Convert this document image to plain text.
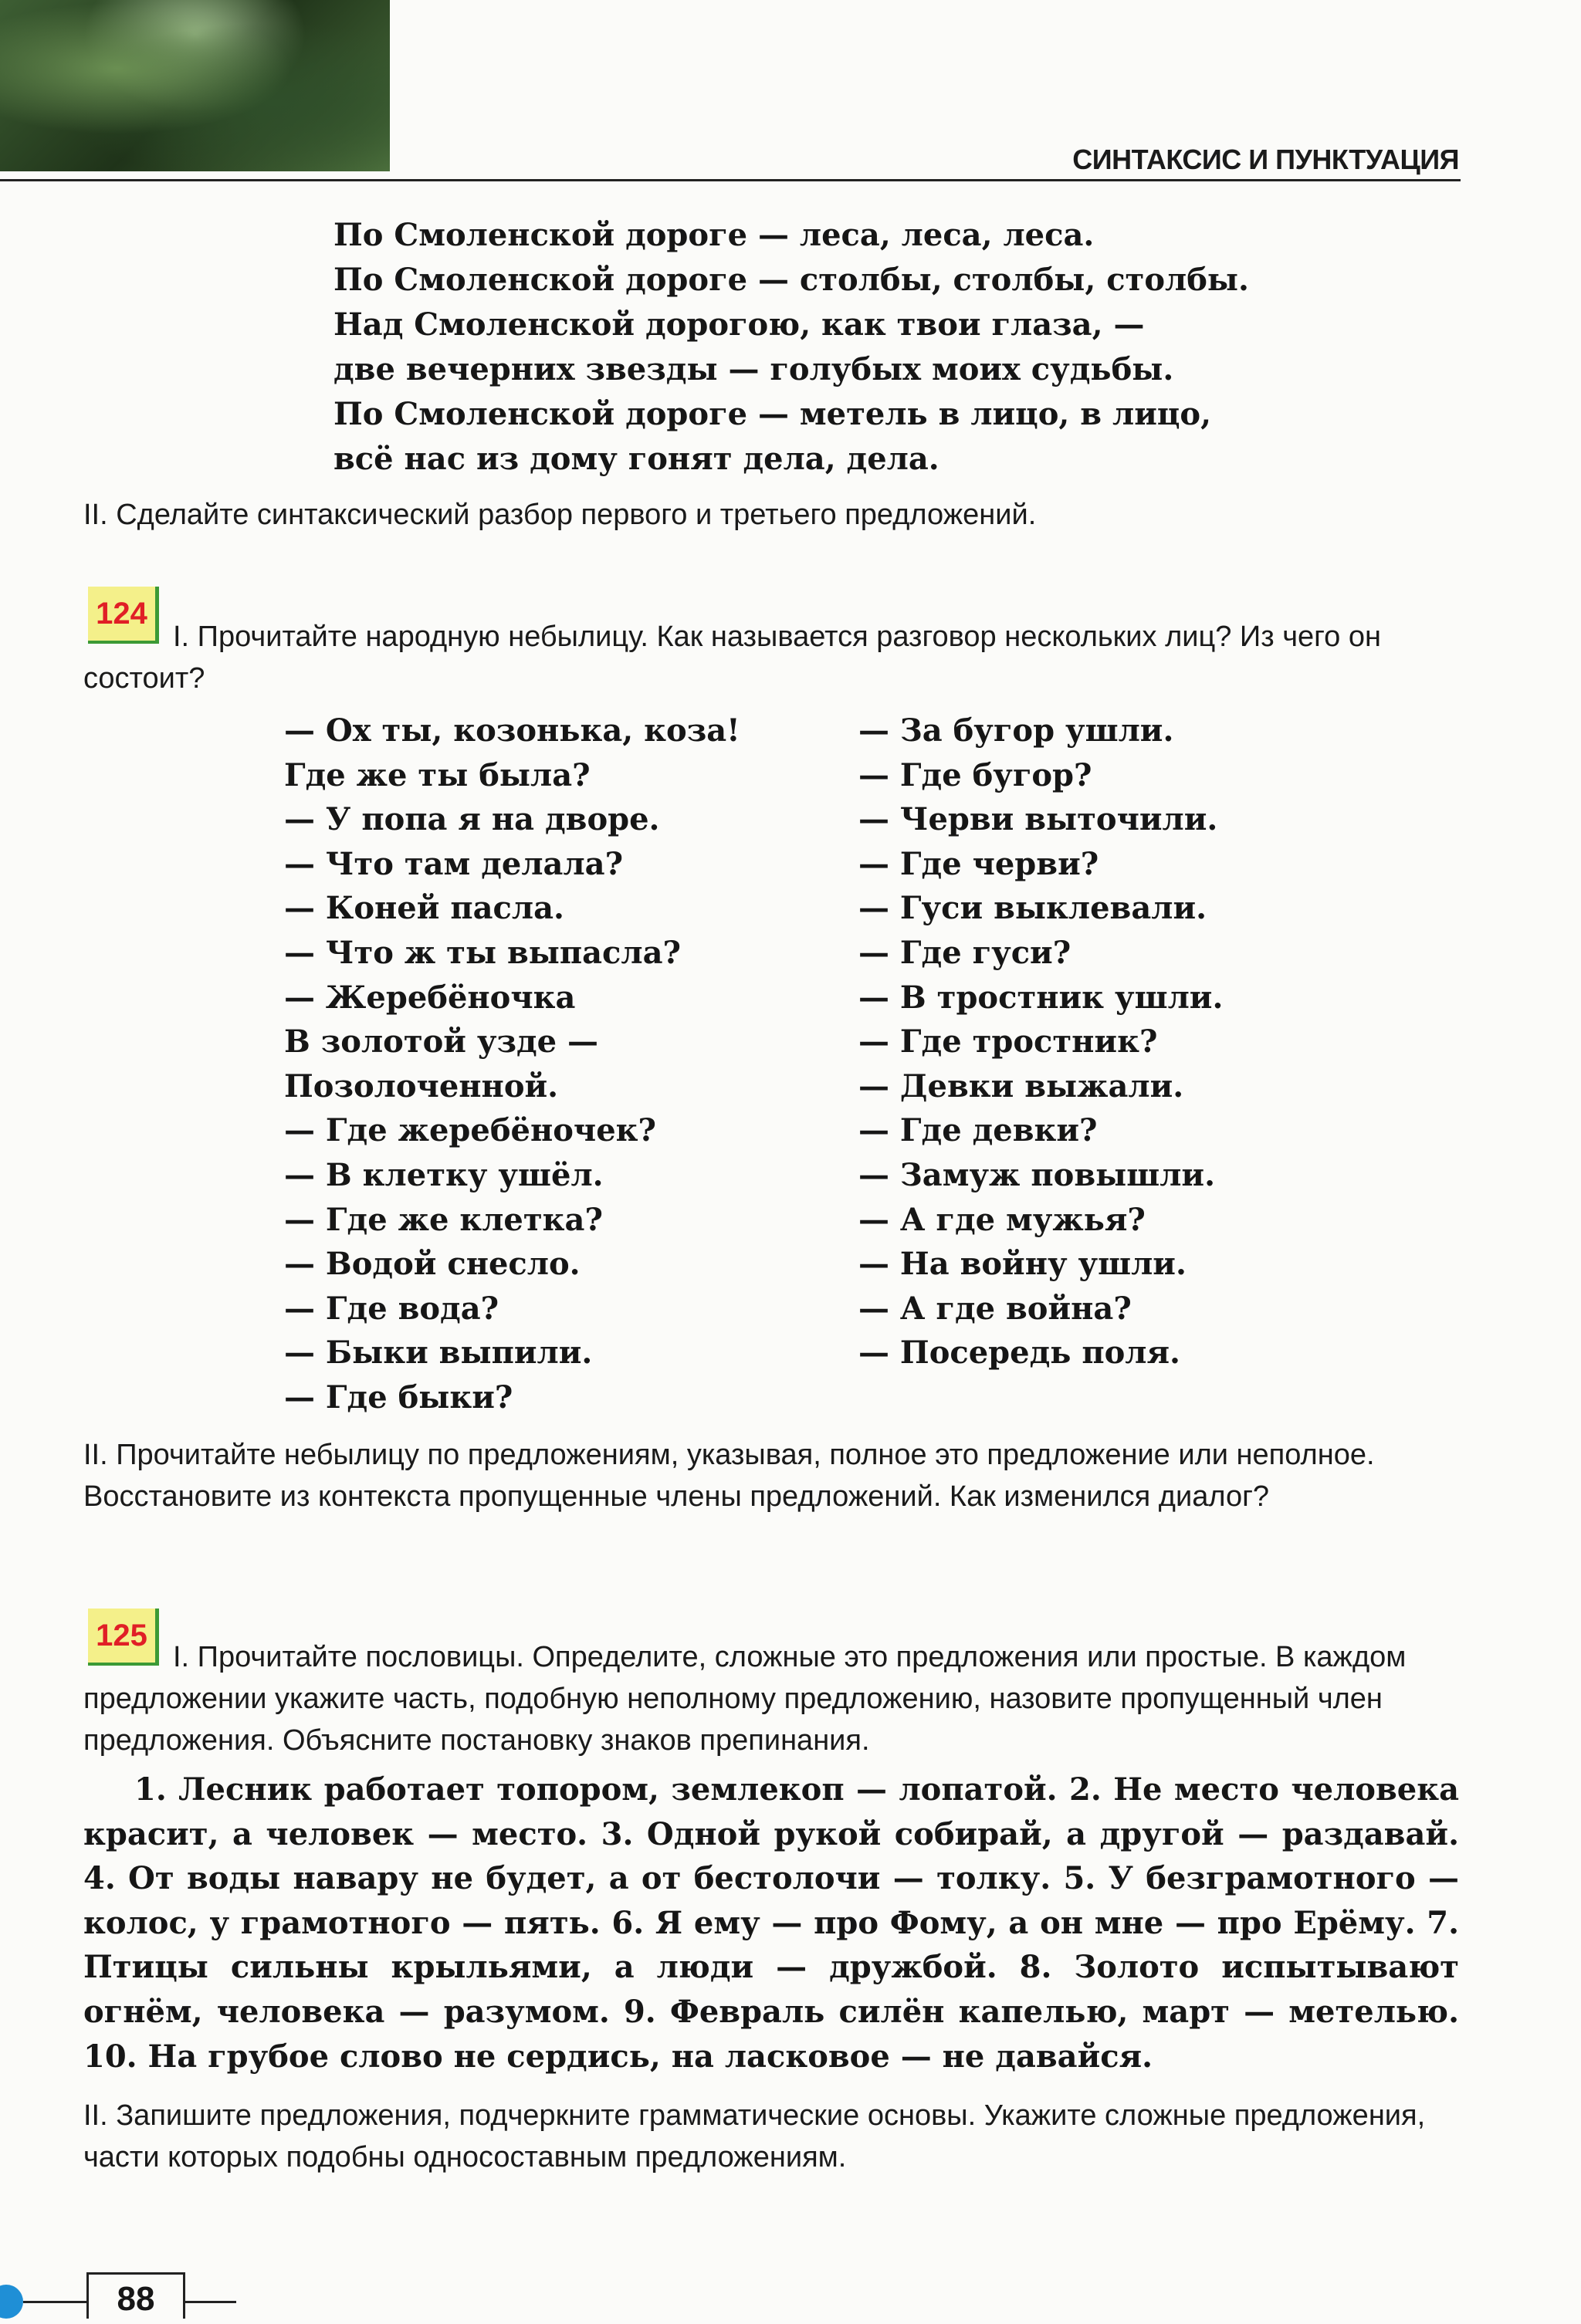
СИНТАКСИС И ПУНКТУАЦИЯ
По Смоленской дороге — леса, леса, леса.
По Смоленской дороге — столбы, столбы, столбы.
Над Смоленской дорогою, как твои глаза, —
две вечерних звезды — голубых моих судьбы.
По Смоленской дороге — метель в лицо, в лицо,
всё нас из дому гонят дела, дела.
II. Сделайте синтаксический разбор первого и третьего предложений.
124
I. Прочитайте народную небылицу. Как называется разговор нескольких лиц? Из чего он состоит?
— Ох ты, козонька, коза!
Где же ты была?
— У попа я на дворе.
— Что там делала?
— Коней пасла.
— Что ж ты выпасла?
— Жеребёночка
В золотой узде —
Позолоченной.
— Где жеребёночек?
— В клетку ушёл.
— Где же клетка?
— Водой снесло.
— Где вода?
— Быки выпили.
— Где быки?
— За бугор ушли.
— Где бугор?
— Черви выточили.
— Где черви?
— Гуси выклевали.
— Где гуси?
— В тростник ушли.
— Где тростник?
— Девки выжали.
— Где девки?
— Замуж повышли.
— А где мужья?
— На войну ушли.
— А где война?
— Посередь поля.
II. Прочитайте небылицу по предложениям, указывая, полное это предложение или неполное. Восстановите из контекста пропущенные члены предложений. Как изменился диалог?
125
I. Прочитайте пословицы. Определите, сложные это предложения или простые. В каждом предложении укажите часть, подобную неполному предложению, назовите пропущенный член предложения. Объясните постановку знаков препинания.
1. Лесник работает топором, землекоп — лопатой. 2. Не место человека красит, а человек — место. 3. Одной рукой собирай, а другой — раздавай. 4. От воды навару не будет, а от бестолочи — толку. 5. У безграмотного — колос, у грамотного — пять. 6. Я ему — про Фому, а он мне — про Ерёму. 7. Птицы сильны крыльями, а люди — дружбой. 8. Золото испытывают огнём, человека — разумом. 9. Февраль силён капелью, март — метелью. 10. На грубое слово не сердись, на ласковое — не давайся.
II. Запишите предложения, подчеркните грамматические основы. Укажите сложные предложения, части которых подобны односоставным предложениям.
88
